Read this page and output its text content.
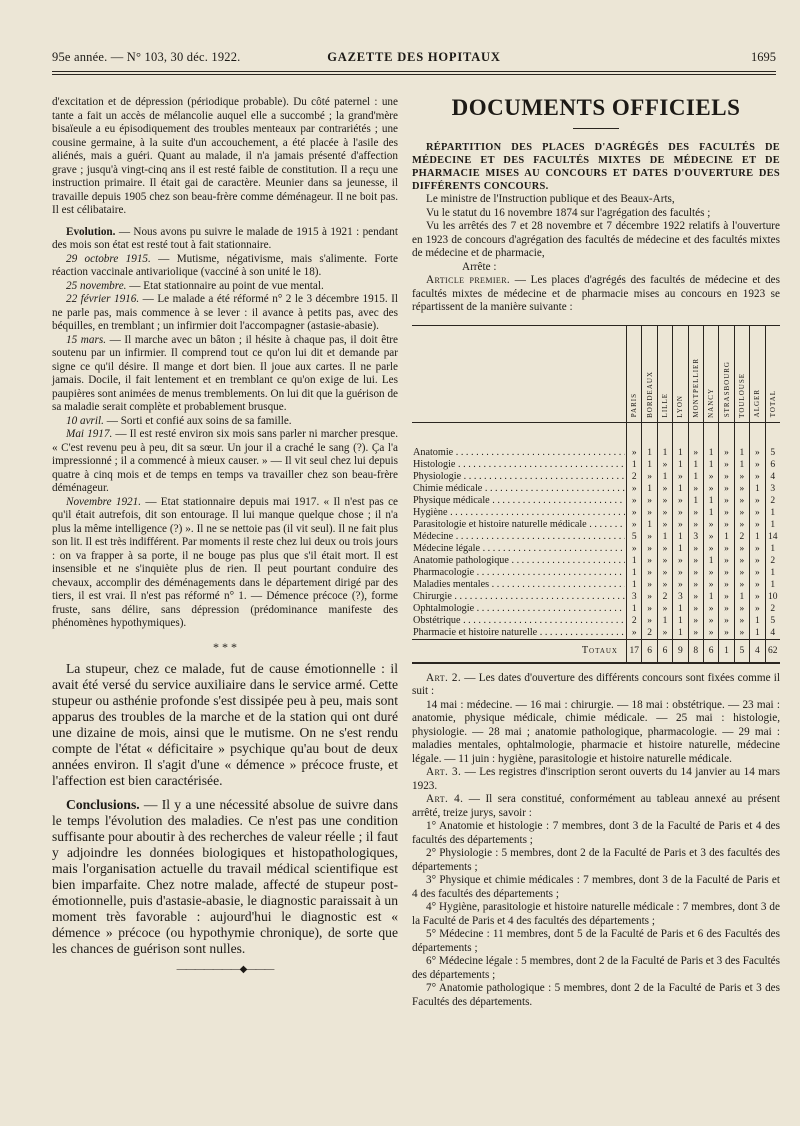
95e année. — N° 103, 30 déc. 1922.	GAZETTE DES HOPITAUX	1695

d'excitation et de dépression (périodique probable). Du côté paternel : une tante a fait un accès de mélancolie auquel elle a succombé ; la grand'mère bisaïeule a eu épisodiquement des troubles menteaux par contrariétés ; une cousine germaine, à la suite d'un accouchement, a été placée à l'asile des aliénés, mais a guéri. Quant au malade, il n'a jamais présenté d'affection grave ; jusqu'à vingt-cinq ans il est resté faible de constitution. Il a reçu une instruction primaire. Il était gai de caractère. Meunier dans sa jeunesse, il travaille depuis 1905 chez son beau-frère comme déménageur. Il ne boit pas. Il est célibataire.

Evolution. — Nous avons pu suivre le malade de 1915 à 1921 : pendant des mois son état est resté tout à fait stationnaire.

29 octobre 1915. — Mutisme, négativisme, mais s'alimente. Forte réaction vaccinale antivariolique (vacciné à son unité le 18).

25 novembre. — Etat stationnaire au point de vue mental.

22 février 1916. — Le malade a été réformé n° 2 le 3 décembre 1915. Il ne parle pas, mais commence à se lever : il avance à petits pas, avec des béquilles, en tremblant ; un infirmier doit l'accompagner (astasie-abasie).

15 mars. — Il marche avec un bâton ; il hésite à chaque pas, il doit être soutenu par un infirmier. Il comprend tout ce qu'on lui dit et demande par signe ce qu'il désire. Il mange et dort bien. Il joue aux cartes. Il ne parle jamais. Docile, il fait lentement et en tremblant ce qu'on exige de lui. Les paupières sont animées de menus tremblements. On lui dit que la guérison de sa maladie serait complète et probablement brusque.

10 avril. — Sorti et confié aux soins de sa famille.

Mai 1917. — Il est resté environ six mois sans parler ni marcher presque. « C'est revenu peu à peu, dit sa sœur. Un jour il a craché le sang (?). Ça l'a impressionné ; il a commencé à mieux causer. » — Il vit seul chez lui depuis quatre à cinq mois et de temps en temps va travailler chez son beau-frère déménageur.

Novembre 1921. — Etat stationnaire depuis mai 1917. « Il n'est pas ce qu'il était autrefois, dit son entourage. Il lui manque quelque chose ; il n'a plus la même intelligence (?) ». Il ne se nettoie pas (il vit seul). Il ne fait plus son lit. Il est très indifférent. Par moments il reste chez lui deux ou trois jours : on va frapper à sa porte, il ne bouge pas plus que s'il était mort. Il est insensible et ne s'inquiète plus de rien. Il peut pourtant conduire des chevaux, accomplir des déménagements dans le département dirigé par des tiers, il est vrai. Il n'est pas réformé n° 1. — Démence précoce (?), forme fruste, sans délire, sans dépression (prédominance manifeste des phénomènes hypothymiques).

* * *

La stupeur, chez ce malade, fut de cause émotionnelle : il avait été versé du service auxiliaire dans le service armé. Cette stupeur ou asthénie profonde s'est dissipée peu à peu, mais sont apparus des troubles de la marche et de la station qui ont duré une dizaine de mois, ainsi que le mutisme. On ne s'est rendu compte de l'état « déficitaire » psychique qu'au bout de deux années environ. Il s'agit d'une « démence » précoce fruste, et l'affection est bien caractérisée.

Conclusions. — Il y a une nécessité absolue de suivre dans le temps l'évolution des maladies. Ce n'est pas une condition suffisante pour aboutir à des recherches de valeur réelle ; il faut y adjoindre les données biologiques et histopathologiques, mais l'organisation actuelle du travail médical scientifique est bien imparfaite. Chez notre malade, affecté de stupeur post-émotionnelle, puis d'astasie-abasie, le diagnostic paraissait à un moment très favorable : aujourd'hui le diagnostic est « démence » précoce (ou hypothymie chronique), de sorte que les chances de guérison sont nulles.

———————◆———
DOCUMENTS OFFICIELS

RÉPARTITION DES PLACES D'AGRÉGÉS DES FACULTÉS DE MÉDECINE ET DES FACULTÉS MIXTES DE MÉDECINE ET DE PHARMACIE MISES AU CONCOURS ET DATES D'OUVERTURE DES DIFFÉRENTS CONCOURS.

Le ministre de l'Instruction publique et des Beaux-Arts,

Vu le statut du 16 novembre 1874 sur l'agrégation des facultés ;

Vu les arrêtés des 7 et 28 novembre et 7 décembre 1922 relatifs à l'ouverture en 1923 de concours d'agrégation des facultés de médecine et des facultés mixtes de médecine et de pharmacie,

Arrête :

Article premier. — Les places d'agrégés des facultés de médecine et des facultés mixtes de médecine et de pharmacie mises au concours en 1923 se répartissent de la manière suivante :

	PARIS	BORDEAUX	LILLE	LYON	MONTPELLIER	NANCY	STRASBOURG	TOULOUSE	ALGER	TOTAL

Anatomie . . .	»	1	1	1	»	1	»	1	»	5

Histologie . . .	1	1	»	1	1	1	»	1	»	6

Physiologie . . .	2	»	1	»	1	»	»	»	»	4

Chimie médicale . . .	»	1	»	1	»	»	»	»	1	3

Physique médicale . . .	»	»	»	»	1	1	»	»	»	2

Hygiène . . .	»	»	»	»	»	1	»	»	»	1

Parasitologie et histoire naturelle médicale . . .	»	1	»	»	»	»	»	»	»	1

Médecine . . .	5	»	1	1	3	»	1	2	1	14

Médecine légale . . .	»	»	»	1	»	»	»	»	»	1

Anatomie pathologique . . .	1	»	»	»	»	1	»	»	»	2

Pharmacologie . . .	1	»	»	»	»	»	»	»	»	1

Maladies mentales . . .	1	»	»	»	»	»	»	»	»	1

Chirurgie . . .	3	»	2	3	»	1	»	1	»	10

Ophtalmologie . . .	1	»	»	1	»	»	»	»	»	2

Obstétrique . . .	2	»	1	1	»	»	»	»	1	5

Pharmacie et histoire naturelle . . .	»	2	»	1	»	»	»	»	1	4
Totaux	17	6	6	9	8	6	1	5	4	62

Art. 2. — Les dates d'ouverture des différents concours sont fixées comme il suit :

14 mai : médecine. — 16 mai : chirurgie. — 18 mai : obstétrique. — 23 mai : anatomie, physique médicale, chimie médicale. — 25 mai : histologie, physiologie. — 28 mai ; anatomie pathologique, pharmacologie. — 29 mai : maladies mentales, ophtalmologie, pharmacie et histoire naturelle, médecine légale. — 11 juin : hygiène, parasitologie et histoire naturelle médicale.

Art. 3. — Les registres d'inscription seront ouverts du 14 janvier au 14 mars 1923.

Art. 4. — Il sera constitué, conformément au tableau annexé au présent arrêté, treize jurys, savoir :

1° Anatomie et histologie : 7 membres, dont 3 de la Faculté de Paris et 4 des facultés des départements ;

2° Physiologie : 5 membres, dont 2 de la Faculté de Paris et 3 des facultés des départements ;

3° Physique et chimie médicales : 7 membres, dont 3 de la Faculté de Paris et 4 des facultés des départements ;

4° Hygiène, parasitologie et histoire naturelle médicale : 7 membres, dont 3 de la Faculté de Paris et 4 des facultés des départements ;

5° Médecine : 11 membres, dont 5 de la Faculté de Paris et 6 des Facultés des départements ;

6° Médecine légale : 5 membres, dont 2 de la Faculté de Paris et 3 des Facultés des départements ;

7° Anatomie pathologique : 5 membres, dont 2 de la Faculté de Paris et 3 des Facultés des départements.
